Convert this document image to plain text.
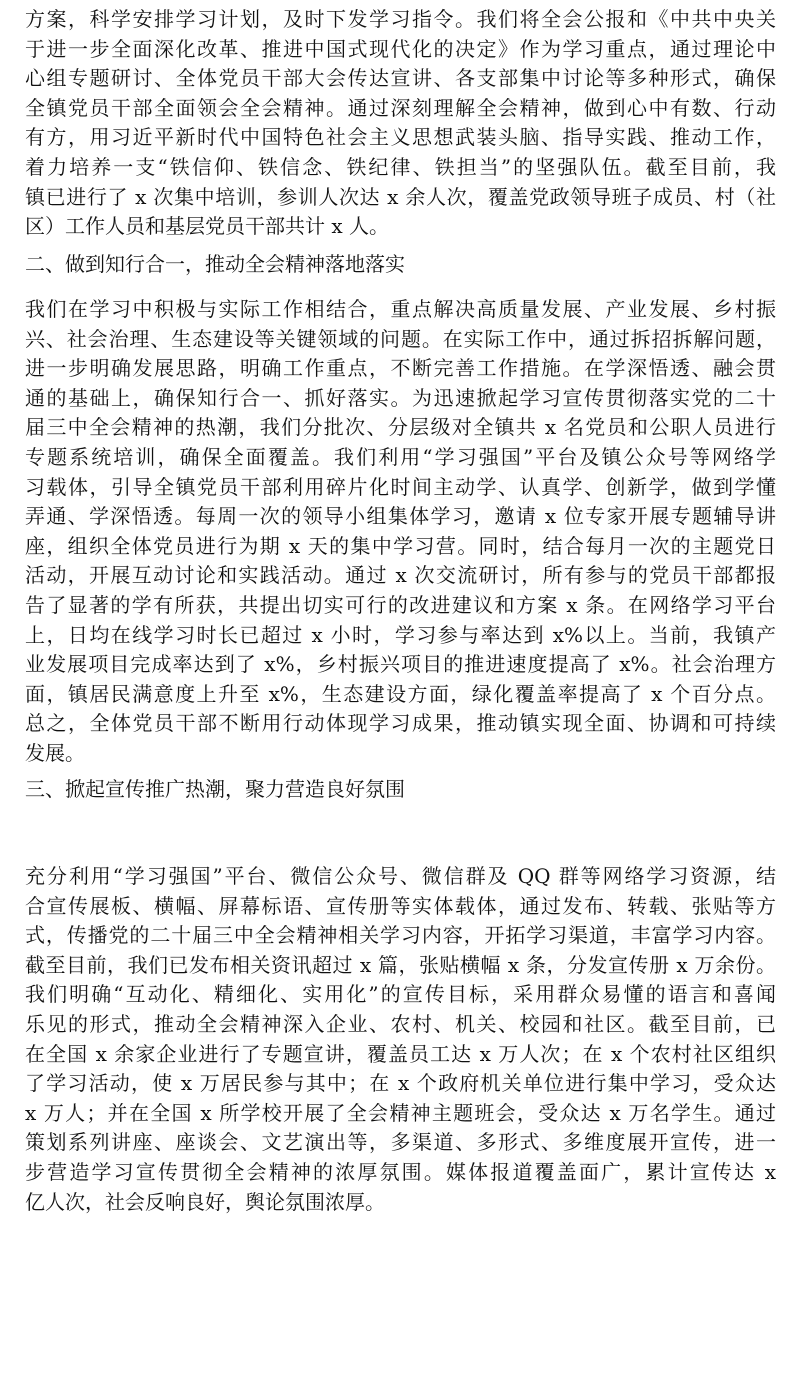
方案，科学安排学习计划，及时下发学习指令。我们将全会公报和《中共中央关
于进一步全面深化改革、推进中国式现代化的决定》作为学习重点，通过理论中
心组专题研讨、全体党员干部大会传达宣讲、各支部集中讨论等多种形式，确保
全镇党员干部全面领会全会精神。通过深刻理解全会精神，做到心中有数、行动
有方，用习近平新时代中国特色社会主义思想武装头脑、指导实践、推动工作，
着力培养一支“铁信仰、铁信念、铁纪律、铁担当”的坚强队伍。截至目前，我
镇已进行了 x 次集中培训，参训人次达 x 余人次，覆盖党政领导班子成员、村（社
区）工作人员和基层党员干部共计 x 人。
二、做到知行合一，推动全会精神落地落实
我们在学习中积极与实际工作相结合，重点解决高质量发展、产业发展、乡村振
兴、社会治理、生态建设等关键领域的问题。在实际工作中，通过拆招拆解问题，
进一步明确发展思路，明确工作重点，不断完善工作措施。在学深悟透、融会贯
通的基础上，确保知行合一、抓好落实。为迅速掀起学习宣传贯彻落实党的二十
届三中全会精神的热潮，我们分批次、分层级对全镇共 x 名党员和公职人员进行
专题系统培训，确保全面覆盖。我们利用“学习强国”平台及镇公众号等网络学
习载体，引导全镇党员干部利用碎片化时间主动学、认真学、创新学，做到学懂
弄通、学深悟透。每周一次的领导小组集体学习，邀请 x 位专家开展专题辅导讲
座，组织全体党员进行为期 x 天的集中学习营。同时，结合每月一次的主题党日
活动，开展互动讨论和实践活动。通过 x 次交流研讨，所有参与的党员干部都报
告了显著的学有所获，共提出切实可行的改进建议和方案 x 条。在网络学习平台
上，日均在线学习时长已超过 x 小时，学习参与率达到 x%以上。当前，我镇产
业发展项目完成率达到了 x%，乡村振兴项目的推进速度提高了 x%。社会治理方
面，镇居民满意度上升至 x%，生态建设方面，绿化覆盖率提高了 x 个百分点。
总之，全体党员干部不断用行动体现学习成果，推动镇实现全面、协调和可持续
发展。
三、掀起宣传推广热潮，聚力营造良好氛围
充分利用“学习强国”平台、微信公众号、微信群及 QQ 群等网络学习资源，结
合宣传展板、横幅、屏幕标语、宣传册等实体载体，通过发布、转载、张贴等方
式，传播党的二十届三中全会精神相关学习内容，开拓学习渠道，丰富学习内容。
截至目前，我们已发布相关资讯超过 x 篇，张贴横幅 x 条，分发宣传册 x 万余份。
我们明确“互动化、精细化、实用化”的宣传目标，采用群众易懂的语言和喜闻
乐见的形式，推动全会精神深入企业、农村、机关、校园和社区。截至目前，已
在全国 x 余家企业进行了专题宣讲，覆盖员工达 x 万人次；在 x 个农村社区组织
了学习活动，使 x 万居民参与其中；在 x 个政府机关单位进行集中学习，受众达
x 万人；并在全国 x 所学校开展了全会精神主题班会，受众达 x 万名学生。通过
策划系列讲座、座谈会、文艺演出等，多渠道、多形式、多维度展开宣传，进一
步营造学习宣传贯彻全会精神的浓厚氛围。媒体报道覆盖面广，累计宣传达 x
亿人次，社会反响良好，舆论氛围浓厚。
